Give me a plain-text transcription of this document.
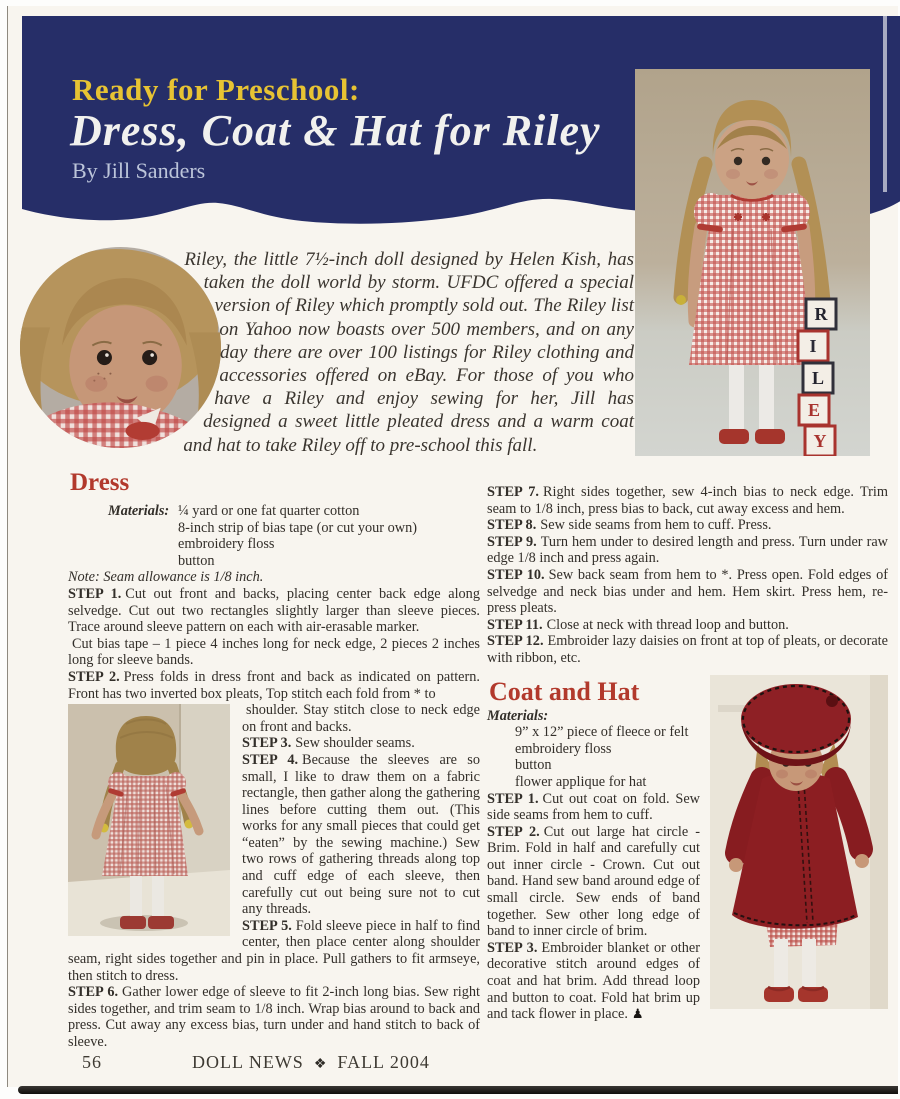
Ready for Preschool:
Dress, Coat & Hat for Riley
By Jill Sanders
R
I
L
E
Y

Riley, the little 7½-inch doll designed by Helen Kish, has taken the doll world by storm. UFDC offered a special version of Riley which promptly sold out. The Riley list on Yahoo now boasts over 500 members, and on any day there are over 100 listings for Riley clothing and accessories offered on eBay. For those of you who have a Riley and enjoy sewing for her, Jill has designed a sweet little pleated dress and a warm coat and hat to take Riley off to pre-school this fall.

Dress
Materials: ¼ yard or one fat quarter cotton
8-inch strip of bias tape (or cut your own)
embroidery floss
button

Note: Seam allowance is 1/8 inch.

STEP 1. Cut out front and backs, placing center back edge along selvedge. Cut out two rectangles slightly larger than sleeve pieces. Trace around sleeve pattern on each with air-erasable marker.

Cut bias tape – 1 piece 4 inches long for neck edge, 2 pieces 2 inches long for sleeve bands.

STEP 2. Press folds in dress front and back as indicated on pattern. Front has two inverted box pleats, Top stitch each fold from * to

shoulder. Stay stitch close to neck edge on front and backs.

STEP 3. Sew shoulder seams.

STEP 4. Because the sleeves are so small, I like to draw them on a fabric rectangle, then gather along the gathering lines before cutting them out. (This works for any small pieces that could get “eaten” by the sewing machine.) Sew two rows of gathering threads along top and cuff edge of each sleeve, then carefully cut out being sure not to cut any threads.

STEP 5. Fold sleeve piece in half to find center, then place center along shoulder seam, right sides together and pin in place. Pull gathers to fit armseye, then stitch to dress.

STEP 6. Gather lower edge of sleeve to fit 2-inch long bias. Sew right sides together, and trim seam to 1/8 inch. Wrap bias around to back and press. Cut away any excess bias, turn under and hand stitch to back of sleeve.

STEP 7. Right sides together, sew 4-inch bias to neck edge. Trim seam to 1/8 inch, press bias to back, cut away excess and hem.

STEP 8. Sew side seams from hem to cuff. Press.

STEP 9. Turn hem under to desired length and press. Turn under raw edge 1/8 inch and press again.

STEP 10. Sew back seam from hem to *. Press open. Fold edges of selvedge and neck bias under and hem. Hem skirt. Press hem, re-press pleats.

STEP 11. Close at neck with thread loop and button.

STEP 12. Embroider lazy daisies on front at top of pleats, or decorate with ribbon, etc.

Coat and Hat
Materials:
9” x 12” piece of fleece or felt
embroidery floss
button
flower applique for hat

STEP 1. Cut out coat on fold. Sew side seams from hem to cuff.

STEP 2. Cut out large hat circle - Brim. Fold in half and carefully cut out inner circle - Crown. Cut out band. Hand sew band around edge of small circle. Sew ends of band together. Sew other long edge of band to inner circle of brim.

STEP 3. Embroider blanket or other decorative stitch around edges of coat and hat brim. Add thread loop and button to coat. Fold hat brim up and tack flower in place. ♟

56	DOLL NEWS ❖ FALL 2004
